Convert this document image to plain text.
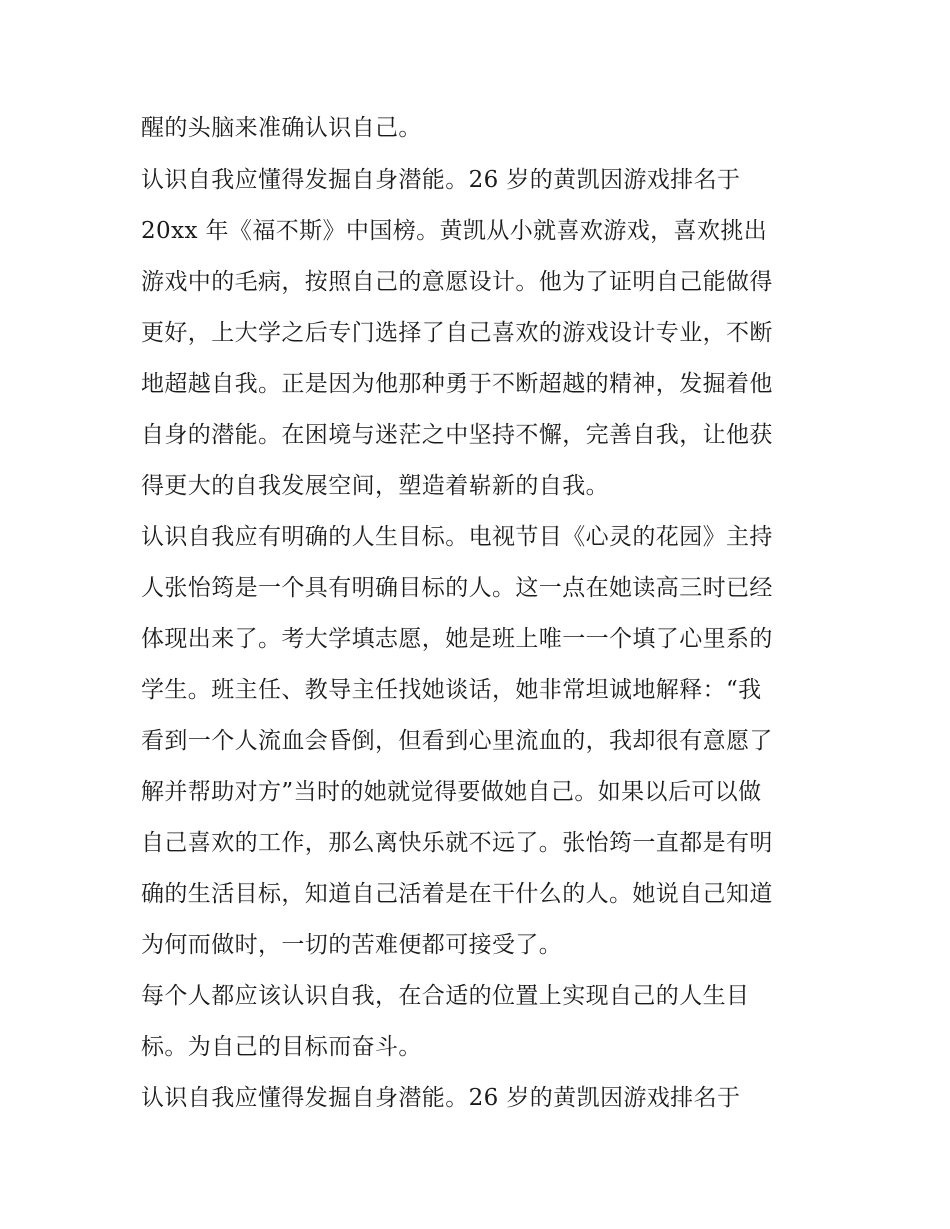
醒的头脑来准确认识自己。
认识自我应懂得发掘自身潜能。26 岁的黄凯因游戏排名于
20xx 年《福不斯》中国榜。黄凯从小就喜欢游戏，喜欢挑出
游戏中的毛病，按照自己的意愿设计。他为了证明自己能做得
更好，上大学之后专门选择了自己喜欢的游戏设计专业，不断
地超越自我。正是因为他那种勇于不断超越的精神，发掘着他
自身的潜能。在困境与迷茫之中坚持不懈，完善自我，让他获
得更大的自我发展空间，塑造着崭新的自我。
认识自我应有明确的人生目标。电视节目《心灵的花园》主持
人张怡筠是一个具有明确目标的人。这一点在她读高三时已经
体现出来了。考大学填志愿，她是班上唯一一个填了心里系的
学生。班主任、教导主任找她谈话，她非常坦诚地解释：“我
看到一个人流血会昏倒，但看到心里流血的，我却很有意愿了
解并帮助对方”当时的她就觉得要做她自己。如果以后可以做
自己喜欢的工作，那么离快乐就不远了。张怡筠一直都是有明
确的生活目标，知道自己活着是在干什么的人。她说自己知道
为何而做时，一切的苦难便都可接受了。
每个人都应该认识自我，在合适的位置上实现自己的人生目
标。为自己的目标而奋斗。
认识自我应懂得发掘自身潜能。26 岁的黄凯因游戏排名于
